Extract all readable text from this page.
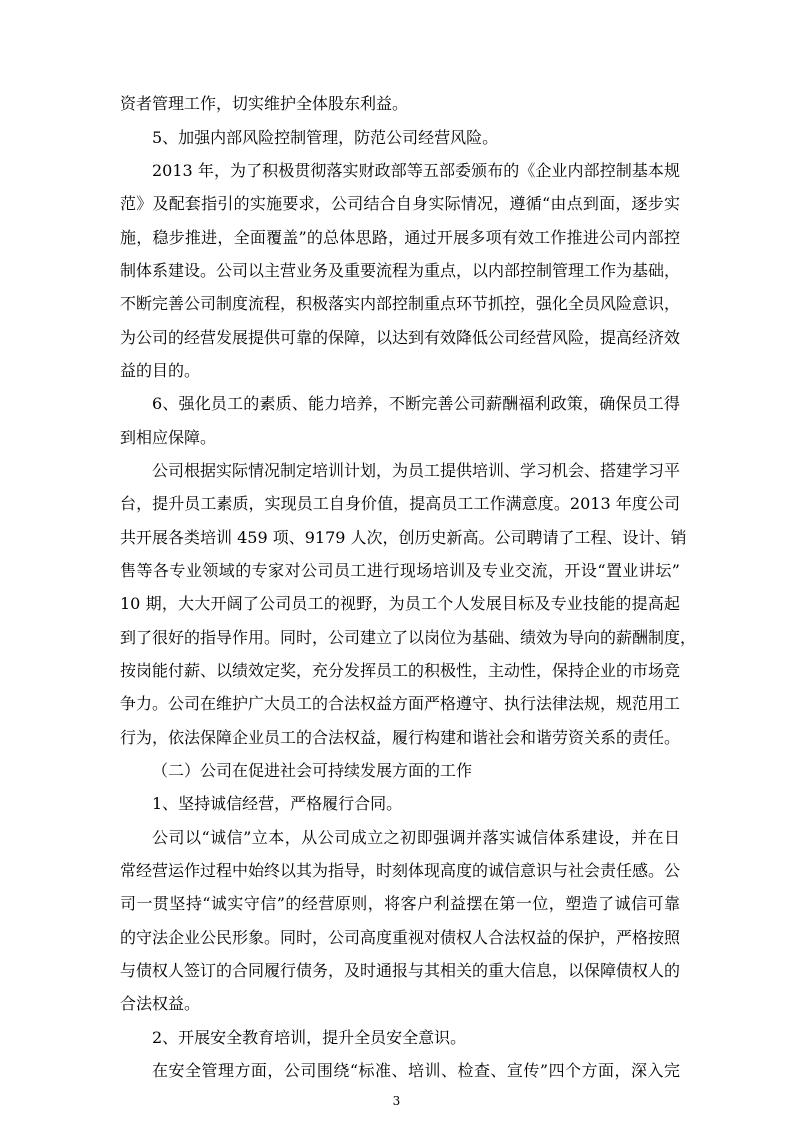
资者管理工作，切实维护全体股东利益。
5、加强内部风险控制管理，防范公司经营风险。
2013 年，为了积极贯彻落实财政部等五部委颁布的《企业内部控制基本规
范》及配套指引的实施要求，公司结合自身实际情况，遵循“由点到面，逐步实
施，稳步推进，全面覆盖”的总体思路，通过开展多项有效工作推进公司内部控
制体系建设。公司以主营业务及重要流程为重点，以内部控制管理工作为基础，
不断完善公司制度流程，积极落实内部控制重点环节抓控，强化全员风险意识，
为公司的经营发展提供可靠的保障，以达到有效降低公司经营风险，提高经济效
益的目的。
6、强化员工的素质、能力培养，不断完善公司薪酬福利政策，确保员工得
到相应保障。
公司根据实际情况制定培训计划，为员工提供培训、学习机会、搭建学习平
台，提升员工素质，实现员工自身价值，提高员工工作满意度。2013 年度公司
共开展各类培训 459 项、9179 人次，创历史新高。公司聘请了工程、设计、销
售等各专业领域的专家对公司员工进行现场培训及专业交流，开设“置业讲坛”
10 期，大大开阔了公司员工的视野，为员工个人发展目标及专业技能的提高起
到了很好的指导作用。同时，公司建立了以岗位为基础、绩效为导向的薪酬制度，
按岗能付薪、以绩效定奖，充分发挥员工的积极性，主动性，保持企业的市场竞
争力。公司在维护广大员工的合法权益方面严格遵守、执行法律法规，规范用工
行为，依法保障企业员工的合法权益，履行构建和谐社会和谐劳资关系的责任。
（二）公司在促进社会可持续发展方面的工作
1、坚持诚信经营，严格履行合同。
公司以“诚信”立本，从公司成立之初即强调并落实诚信体系建设，并在日
常经营运作过程中始终以其为指导，时刻体现高度的诚信意识与社会责任感。公
司一贯坚持“诚实守信”的经营原则，将客户利益摆在第一位，塑造了诚信可靠
的守法企业公民形象。同时，公司高度重视对债权人合法权益的保护，严格按照
与债权人签订的合同履行债务，及时通报与其相关的重大信息，以保障债权人的
合法权益。
2、开展安全教育培训，提升全员安全意识。
在安全管理方面，公司围绕“标准、培训、检查、宣传”四个方面，深入完
3
